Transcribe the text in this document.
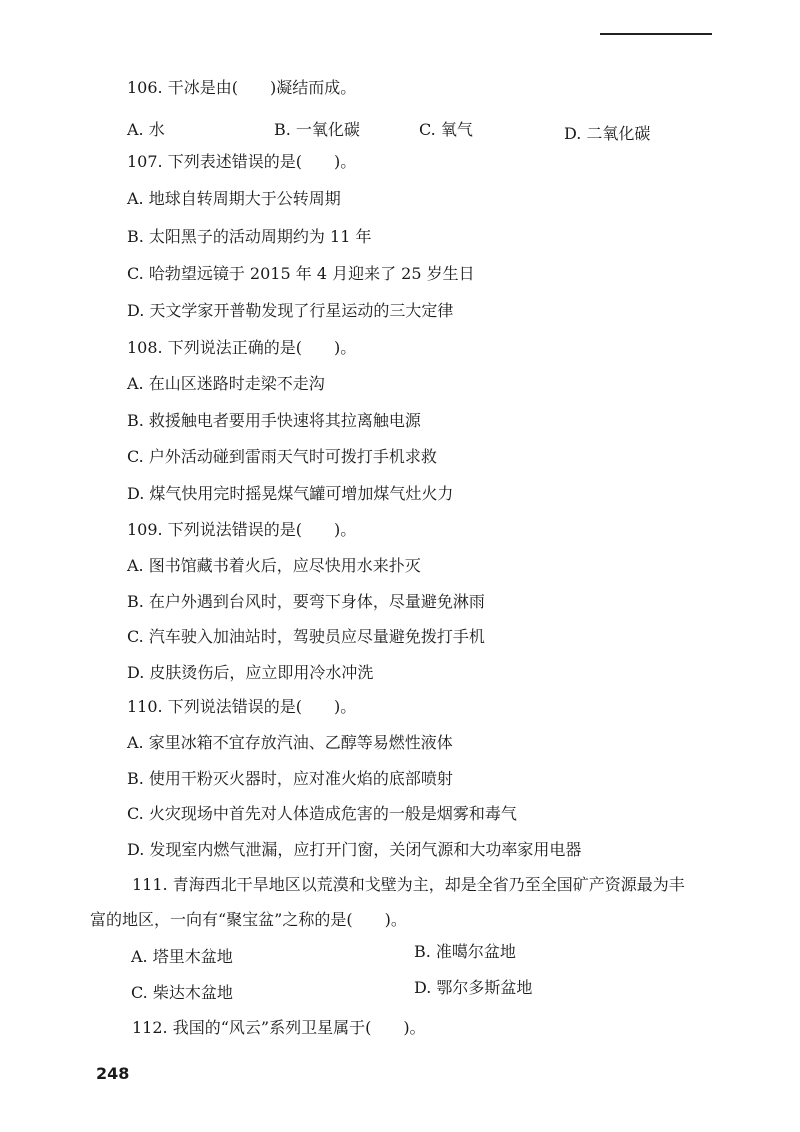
106. 干冰是由(　　)凝结而成。
A. 水	B. 一氧化碳	C. 氧气	D. 二氧化碳
107. 下列表述错误的是(　　)。
A. 地球自转周期大于公转周期
B. 太阳黑子的活动周期约为 11 年
C. 哈勃望远镜于 2015 年 4 月迎来了 25 岁生日
D. 天文学家开普勒发现了行星运动的三大定律
108. 下列说法正确的是(　　)。
A. 在山区迷路时走梁不走沟
B. 救援触电者要用手快速将其拉离触电源
C. 户外活动碰到雷雨天气时可拨打手机求救
D. 煤气快用完时摇晃煤气罐可增加煤气灶火力
109. 下列说法错误的是(　　)。
A. 图书馆藏书着火后，应尽快用水来扑灭
B. 在户外遇到台风时，要弯下身体，尽量避免淋雨
C. 汽车驶入加油站时，驾驶员应尽量避免拨打手机
D. 皮肤烫伤后，应立即用冷水冲洗
110. 下列说法错误的是(　　)。
A. 家里冰箱不宜存放汽油、乙醇等易燃性液体
B. 使用干粉灭火器时，应对准火焰的底部喷射
C. 火灾现场中首先对人体造成危害的一般是烟雾和毒气
D. 发现室内燃气泄漏，应打开门窗，关闭气源和大功率家用电器
111. 青海西北干旱地区以荒漠和戈壁为主，却是全省乃至全国矿产资源最为丰
富的地区，一向有“聚宝盆”之称的是(　　)。
A. 塔里木盆地	B. 准噶尔盆地
C. 柴达木盆地	D. 鄂尔多斯盆地
112. 我国的“风云”系列卫星属于(　　)。
248
